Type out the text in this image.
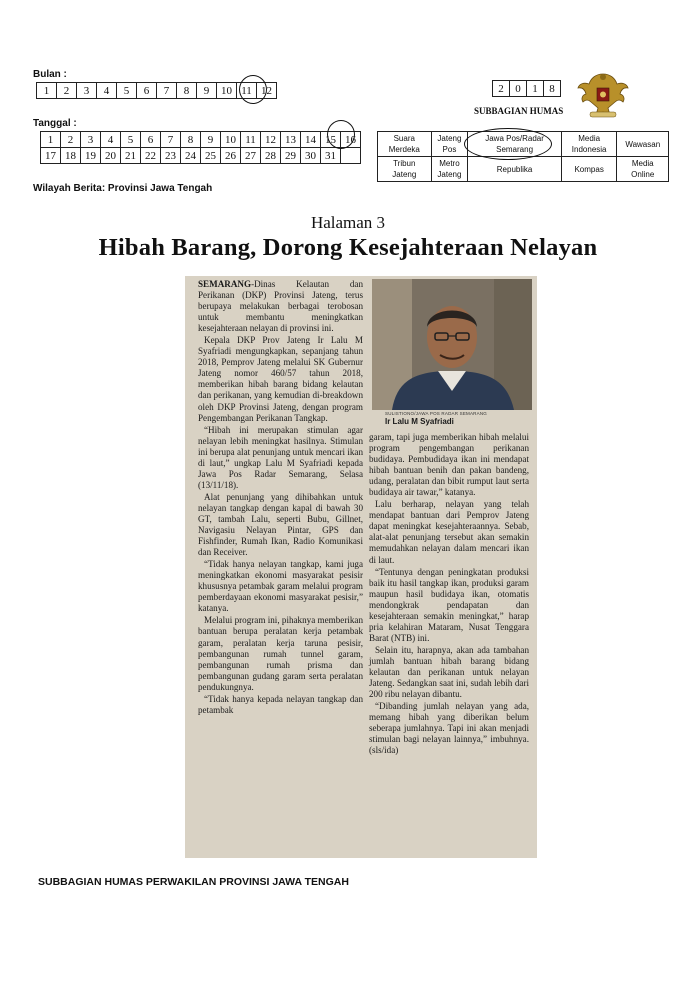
Bulan :
1	2	3	4	5	6	7	8	9	10	11	12
Tanggal :
1	2	3	4	5	6	7	8	9	10	11	12	13	14	15	16
17	18	19	20	21	22	23	24	25	26	27	28	29	30	31	
Wilayah Berita: Provinsi Jawa Tengah
2	0	1	8
SUBBAGIAN HUMAS
Suara Merdeka	Jateng Pos	Jawa Pos/Radar Semarang	Media Indonesia	Wawasan
Tribun Jateng	Metro Jateng	Republika	Kompas	Media Online
Halaman 3
Hibah Barang, Dorong Kesejahteraan Nelayan
SULISTIONO/JAWA POS RADAR SEMARANG
Ir Lalu M Syafriadi

SEMARANG-Dinas Kelautan dan Perikanan (DKP) Provinsi Jateng, terus berupaya melakukan berbagai terobosan untuk membantu meningkatkan kesejahteraan nelayan di provinsi ini.

Kepala DKP Prov Jateng Ir Lalu M Syafriadi mengungkapkan, sepanjang tahun 2018, Pemprov Jateng melalui SK Gubernur Jateng nomor 460/57 tahun 2018, memberikan hibah barang bidang kelautan dan perikanan, yang kemudian di-breakdown oleh DKP Provinsi Jateng, dengan program Pengembangan Perikanan Tangkap.

“Hibah ini merupakan stimulan agar nelayan lebih meningkat hasilnya. Stimulan ini berupa alat penunjang untuk mencari ikan di laut,” ungkap Lalu M Syafriadi kepada Jawa Pos Radar Semarang, Selasa (13/11/18).

Alat penunjang yang dihibahkan untuk nelayan tangkap dengan kapal di bawah 30 GT, tambah Lalu, seperti Bubu, Gillnet, Navigasiu Nelayan Pintar, GPS dan Fishfinder, Rumah Ikan, Radio Komunikasi dan Receiver.

“Tidak hanya nelayan tangkap, kami juga meningkatkan ekonomi masyarakat pesisir khususnya petambak garam melalui program pemberdayaan ekonomi masyarakat pesisir,” katanya.

Melalui program ini, pihaknya memberikan bantuan berupa peralatan kerja petambak garam, peralatan kerja taruna pesisir, pembangunan rumah tunnel garam, pembangunan rumah prisma dan pembangunan gudang garam serta peralatan pendukungnya.

“Tidak hanya kepada nelayan tangkap dan petambak

garam, tapi juga memberikan hibah melalui program pengembangan perikanan budidaya. Pembudidaya ikan ini mendapat hibah bantuan benih dan pakan bandeng, udang, peralatan dan bibit rumput laut serta budidaya air tawar,” katanya.

Lalu berharap, nelayan yang telah mendapat bantuan dari Pemprov Jateng dapat meningkat kesejahteraannya. Sebab, alat-alat penunjang tersebut akan semakin memudahkan nelayan dalam mencari ikan di laut.

“Tentunya dengan peningkatan produksi baik itu hasil tangkap ikan, produksi garam maupun hasil budidaya ikan, otomatis mendongkrak pendapatan dan kesejahteraan semakin meningkat,” harap pria kelahiran Mataram, Nusat Tenggara Barat (NTB) ini.

Selain itu, harapnya, akan ada tambahan jumlah bantuan hibah barang bidang kelautan dan perikanan untuk nelayan Jateng. Sedangkan saat ini, sudah lebih dari 200 ribu nelayan dibantu.

“Dibanding jumlah nelayan yang ada, memang hibah yang diberikan belum seberapa jumlahnya. Tapi ini akan menjadi stimulan bagi nelayan lainnya,” imbuhnya. (sls/ida)

SUBBAGIAN HUMAS PERWAKILAN PROVINSI JAWA TENGAH
